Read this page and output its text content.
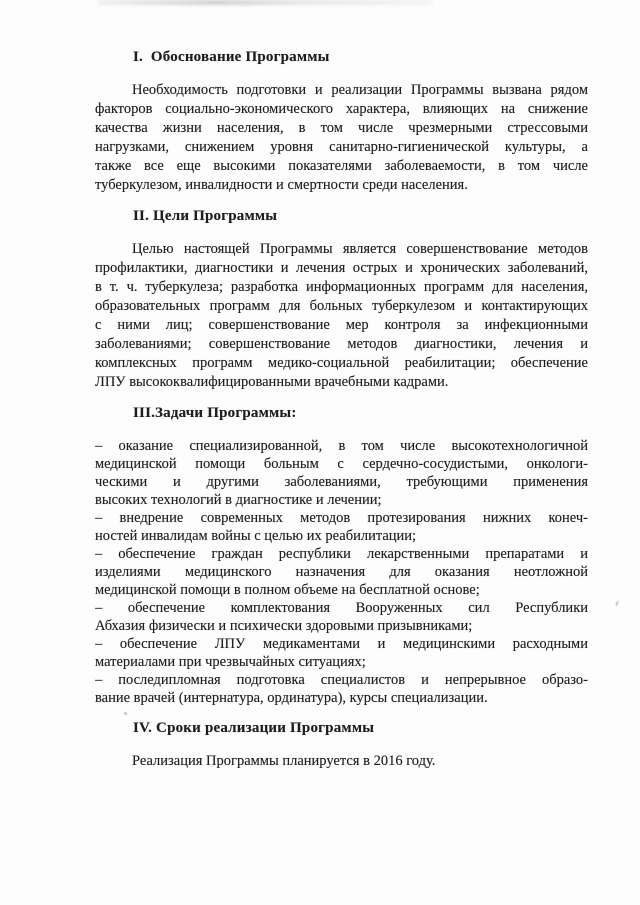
I.  Обоснование Программы
Необходимость подготовки и реализации Программы вызвана рядом
факторов социально-экономического характера, влияющих на снижение
качества жизни населения, в том числе чрезмерными стрессовыми
нагрузками, снижением уровня санитарно-гигиенической культуры, а
также все еще высокими показателями заболеваемости, в том числе
туберкулезом, инвалидности и смертности среди населения.
II. Цели Программы
Целью настоящей Программы является совершенствование методов
профилактики, диагностики и лечения острых и хронических заболеваний,
в т. ч. туберкулеза; разработка информационных программ для населения,
образовательных программ для больных туберкулезом и контактирующих
с ними лиц; совершенствование мер контроля за инфекционными
заболеваниями; совершенствование методов диагностики, лечения и
комплексных программ медико-социальной реабилитации; обеспечение
ЛПУ высококвалифицированными врачебными кадрами.
III.Задачи Программы:
– оказание специализированной, в том числе высокотехнологичной
медицинской помощи больным с сердечно-сосудистыми, онкологи-
ческими и другими заболеваниями, требующими применения
высоких технологий в диагностике и лечении;
– внедрение современных методов протезирования нижних конеч-
ностей инвалидам войны с целью их реабилитации;
– обеспечение граждан республики лекарственными препаратами и
изделиями медицинского назначения для оказания неотложной
медицинской помощи в полном объеме на бесплатной основе;
– обеспечение комплектования Вооруженных сил Республики
Абхазия физически и психически здоровыми призывниками;
– обеспечение ЛПУ медикаментами и медицинскими расходными
материалами при чрезвычайных ситуациях;
– последипломная подготовка специалистов и непрерывное образо-
вание врачей (интернатура, ординатура), курсы специализации.
IV. Сроки реализации Программы
Реализация Программы планируется в 2016 году.
